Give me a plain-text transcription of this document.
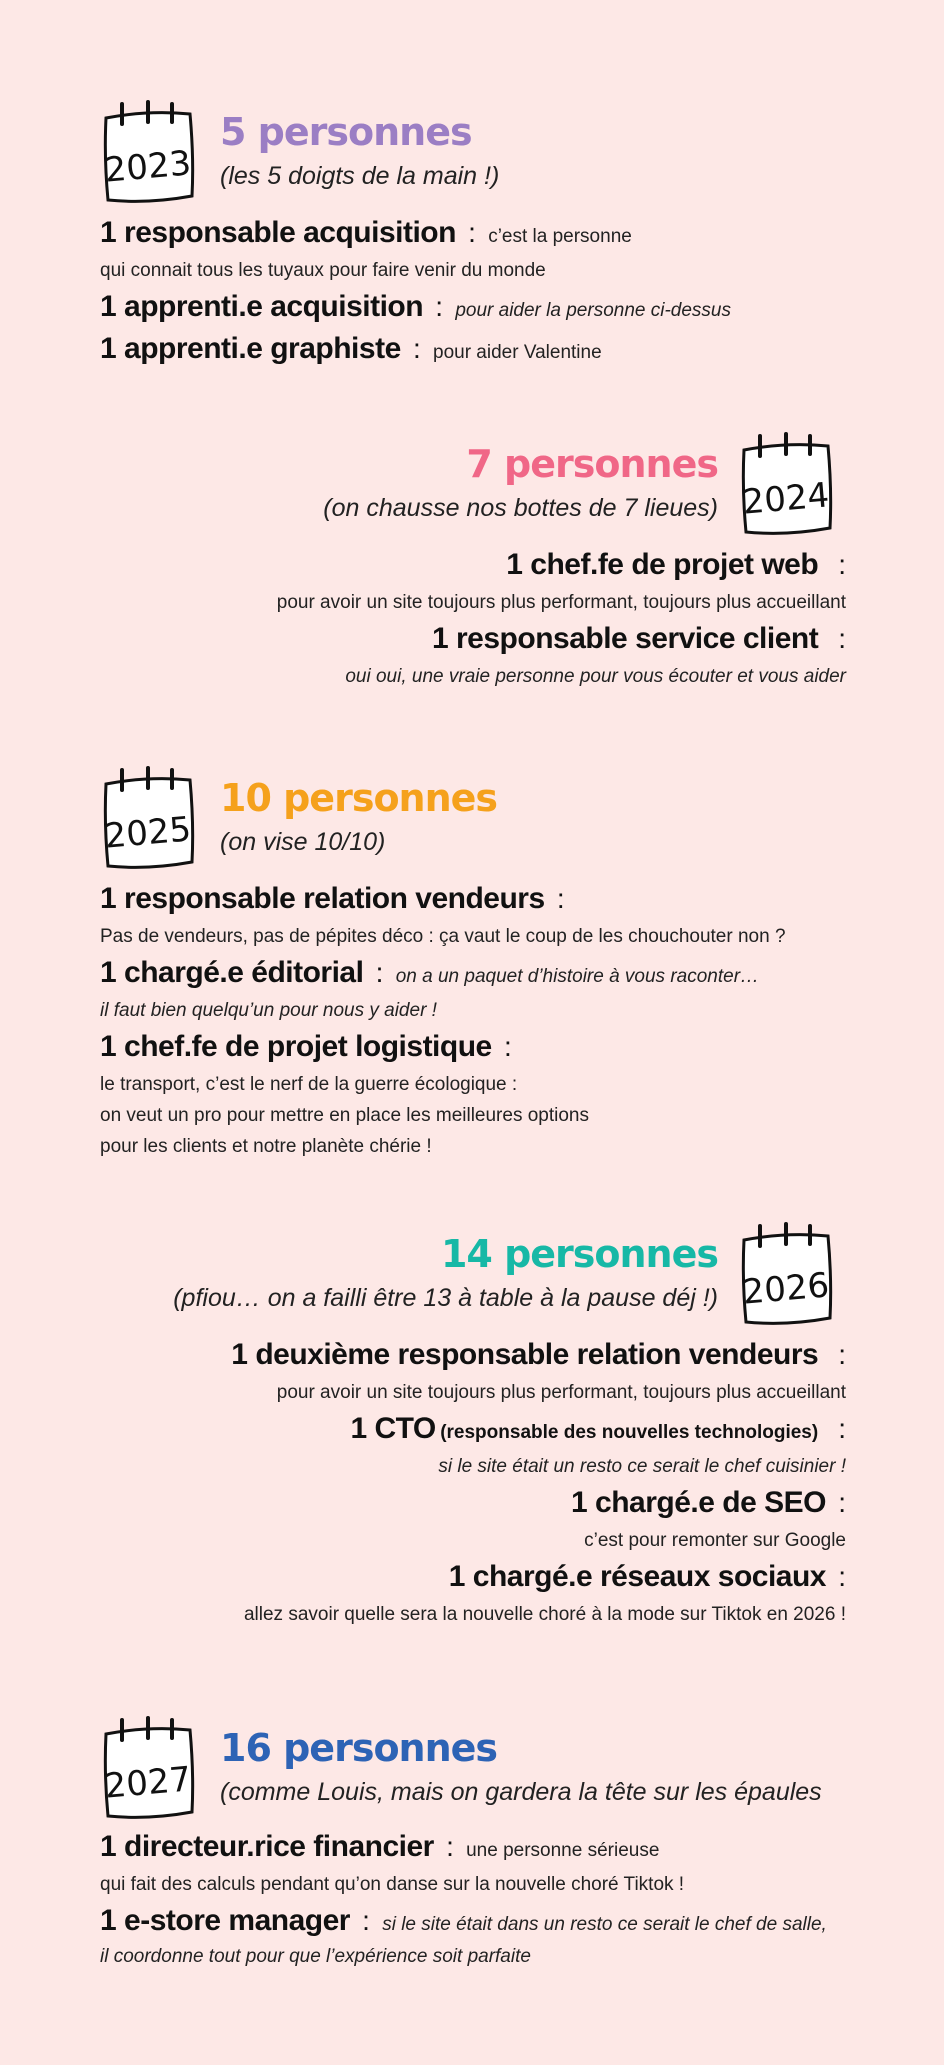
2023
5 personnes
(les 5 doigts de la main !)
1 responsable acquisition  :  c’est la personne
qui connait tous les tuyaux pour faire venir du monde
1 apprenti.e acquisition  :  pour aider la personne ci-dessus
1 apprenti.e graphiste  :  pour aider Valentine
2024
7 personnes
(on chausse nos bottes de 7 lieues)
1 chef.fe de projet web   :
pour avoir un site toujours plus performant, toujours plus accueillant
1 responsable service client   :
oui oui, une vraie personne pour vous écouter et vous aider
2025
10 personnes
(on vise 10/10)
1 responsable relation vendeurs  :
Pas de vendeurs, pas de pépites déco : ça vaut le coup de les chouchouter non ?
1 chargé.e éditorial  :  on a un paquet d’histoire à vous raconter…
il faut bien quelqu’un pour nous y aider !
1 chef.fe de projet logistique  :
le transport, c’est le nerf de la guerre écologique :
on veut un pro pour mettre en place les meilleures options
pour les clients et notre planète chérie !
2026
14 personnes
(pfiou… on a failli être 13 à table à la pause déj !)
1 deuxième responsable relation vendeurs   :
pour avoir un site toujours plus performant, toujours plus accueillant
1 CTO (responsable des nouvelles technologies)   :
si le site était un resto ce serait le chef cuisinier !
1 chargé.e de SEO  :
c’est pour remonter sur Google
1 chargé.e réseaux sociaux  :
allez savoir quelle sera la nouvelle choré à la mode sur Tiktok en 2026 !
2027
16 personnes
(comme Louis, mais on gardera la tête sur les épaules
1 directeur.rice financier  :  une personne sérieuse
qui fait des calculs pendant qu’on danse sur la nouvelle choré Tiktok !
1 e-store manager  :  si le site était dans un resto ce serait le chef de salle,
il coordonne tout pour que l’expérience soit parfaite
